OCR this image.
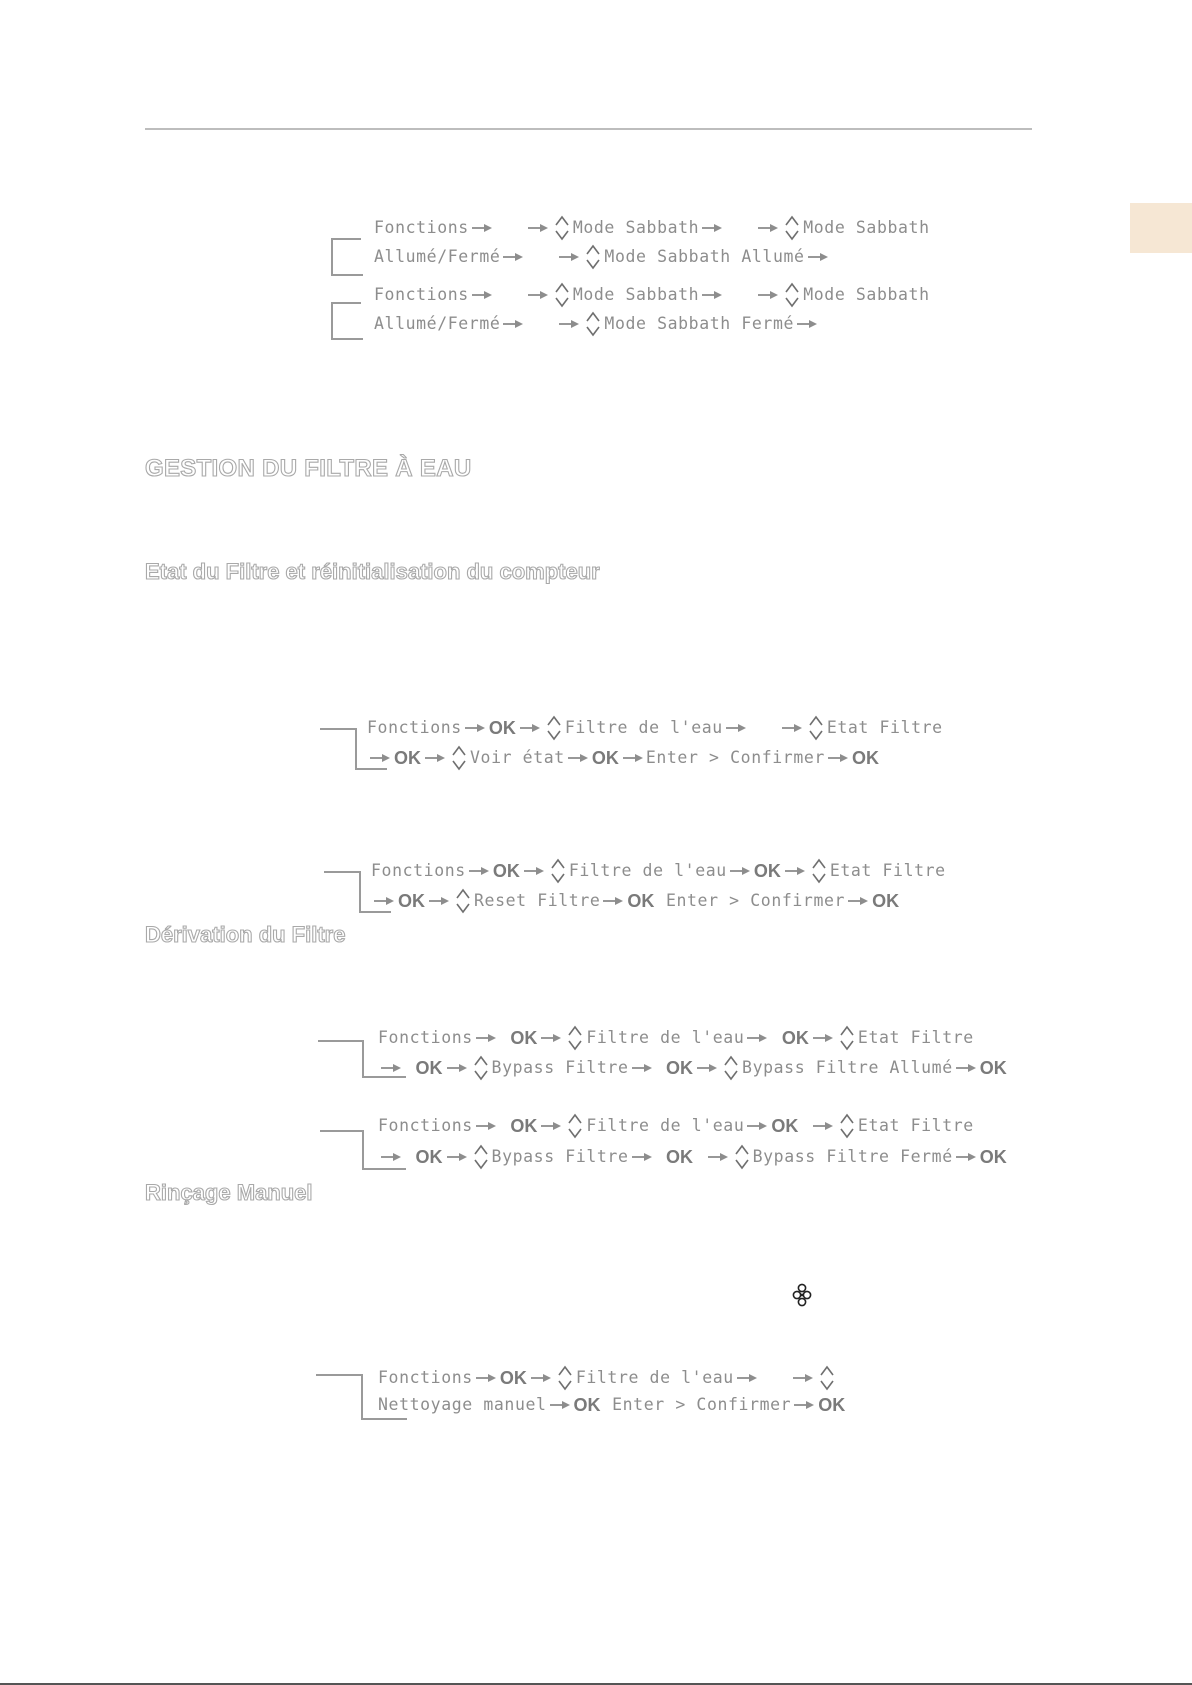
Fonctions	Mode Sabbath	Mode Sabbath
Allumé/Fermé	Mode Sabbath Allumé
Fonctions	Mode Sabbath	Mode Sabbath
Allumé/Fermé	Mode Sabbath Fermé
GESTION DU FILTRE À EAU
Etat du Filtre et réinitialisation du compteur
Fonctions OK	Filtre de l'eau	Etat Filtre
OK	Voir état OK Enter > Confirmer OK
Fonctions OK	Filtre de l'eau OK	Etat Filtre
OK	Reset Filtre OK Enter > Confirmer OK
Dérivation du Filtre
Fonctions OK	Filtre de l'eau OK	Etat Filtre
OK	Bypass Filtre OK	Bypass Filtre Allumé OK
Fonctions OK	Filtre de l'eau OK	Etat Filtre
OK	Bypass Filtre OK	Bypass Filtre Fermé OK
Rinçage Manuel
Fonctions OK	Filtre de l'eau
Nettoyage manuel OK Enter > Confirmer OK
